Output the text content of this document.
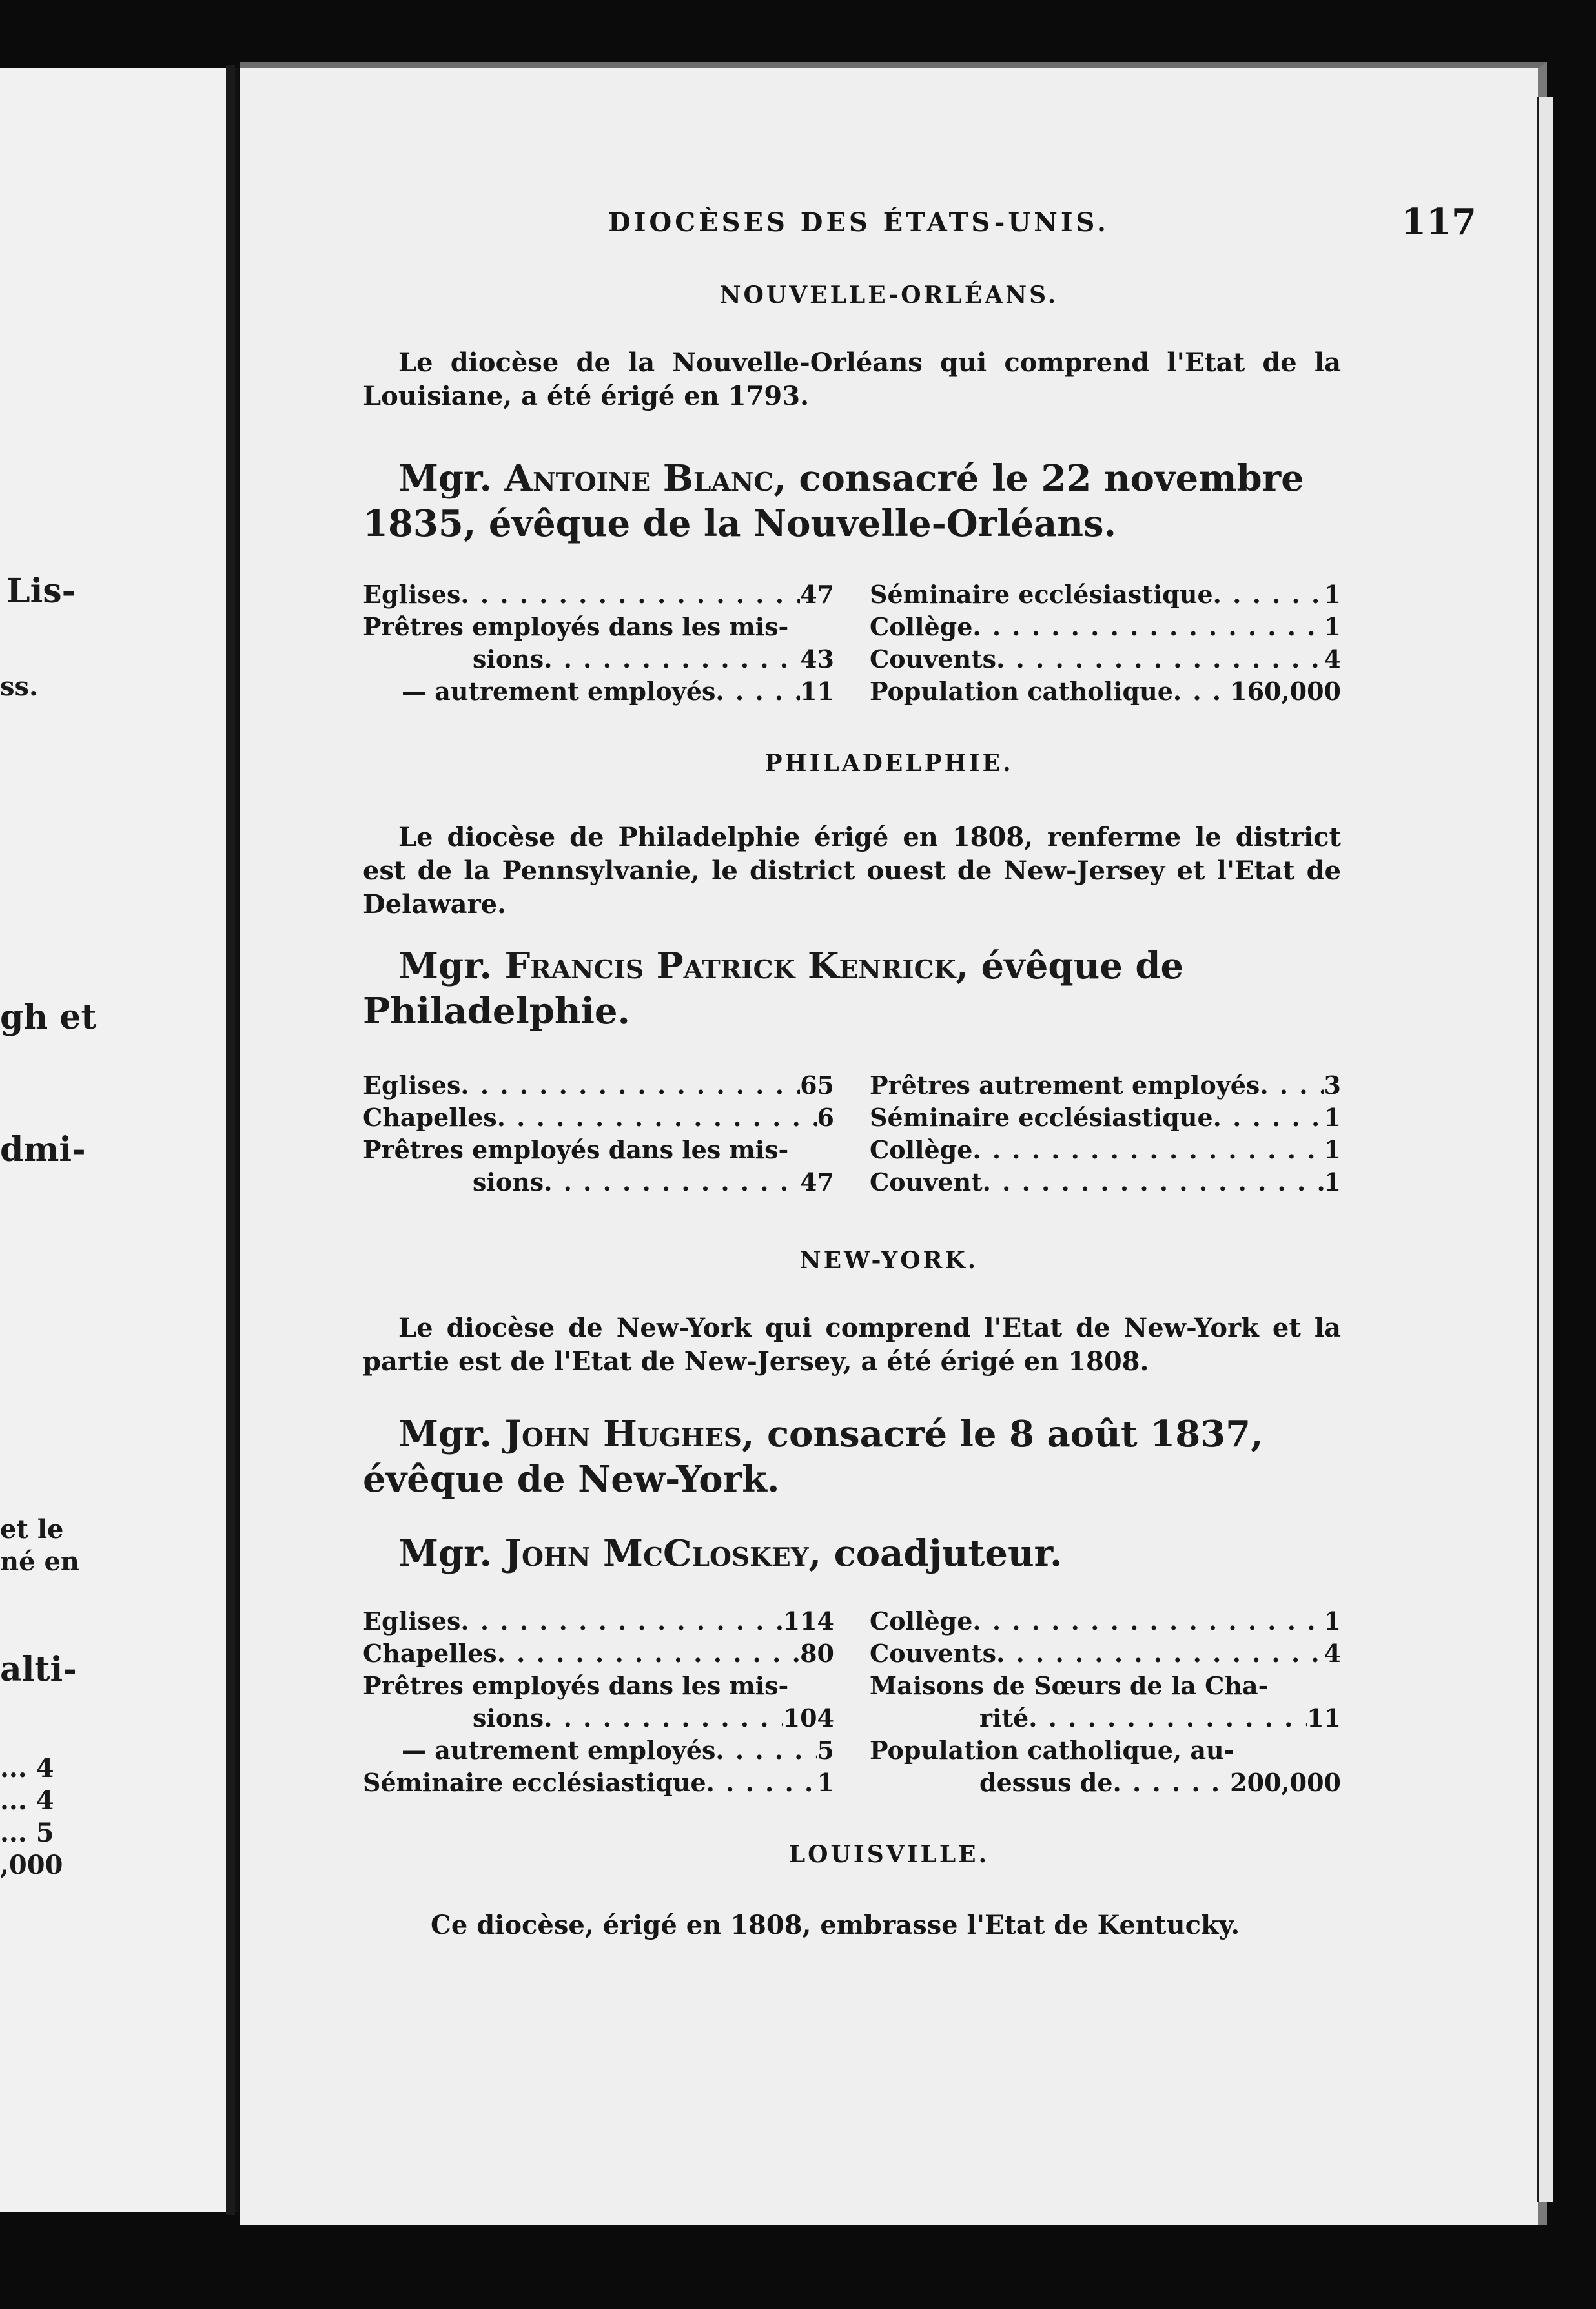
Lis-
ss.
gh et
dmi-
et le
né en
alti-
... 4
... 4
... 5
,000
DIOCÈSES DES ÉTATS-UNIS.	117
NOUVELLE-ORLÉANS.
Le diocèse de la Nouvelle-Orléans qui comprend l'Etat de la Louisiane, a été érigé en 1793.
Mgr. Antoine Blanc, consacré le 22 novembre 1835, évêque de la Nouvelle-Orléans.
Eglises . . .	47
Prêtres employés dans les mis-
sions . . .	43
— autrement employés . . .	11
Séminaire ecclésiastique . . .	1
Collège . . .	1
Couvents . . .	4
Population catholique . . . 160,000
PHILADELPHIE.
Le diocèse de Philadelphie érigé en 1808, renferme le district est de la Pennsylvanie, le district ouest de New-Jersey et l'Etat de Delaware.
Mgr. Francis Patrick Kenrick, évêque de Philadelphie.
Eglises . . .	65
Chapelles . . .	6
Prêtres employés dans les mis-
sions . . .	47
Prêtres autrement employés . . .	3
Séminaire ecclésiastique . . .	1
Collège . . .	1
Couvent . . .	1
NEW-YORK.
Le diocèse de New-York qui comprend l'Etat de New-York et la partie est de l'Etat de New-Jersey, a été érigé en 1808.
Mgr. John Hughes, consacré le 8 août 1837, évêque de New-York.
Mgr. John McCloskey, coadjuteur.
Eglises . . .	114
Chapelles . . .	80
Prêtres employés dans les mis-
sions . . .	104
— autrement employés . . .	5
Séminaire ecclésiastique . . .	1
Collège . . .	1
Couvents . . .	4
Maisons de Sœurs de la Cha-
rité . . .	11
Population catholique, au-
dessus de . . .	200,000
LOUISVILLE.
Ce diocèse, érigé en 1808, embrasse l'Etat de Kentucky.
